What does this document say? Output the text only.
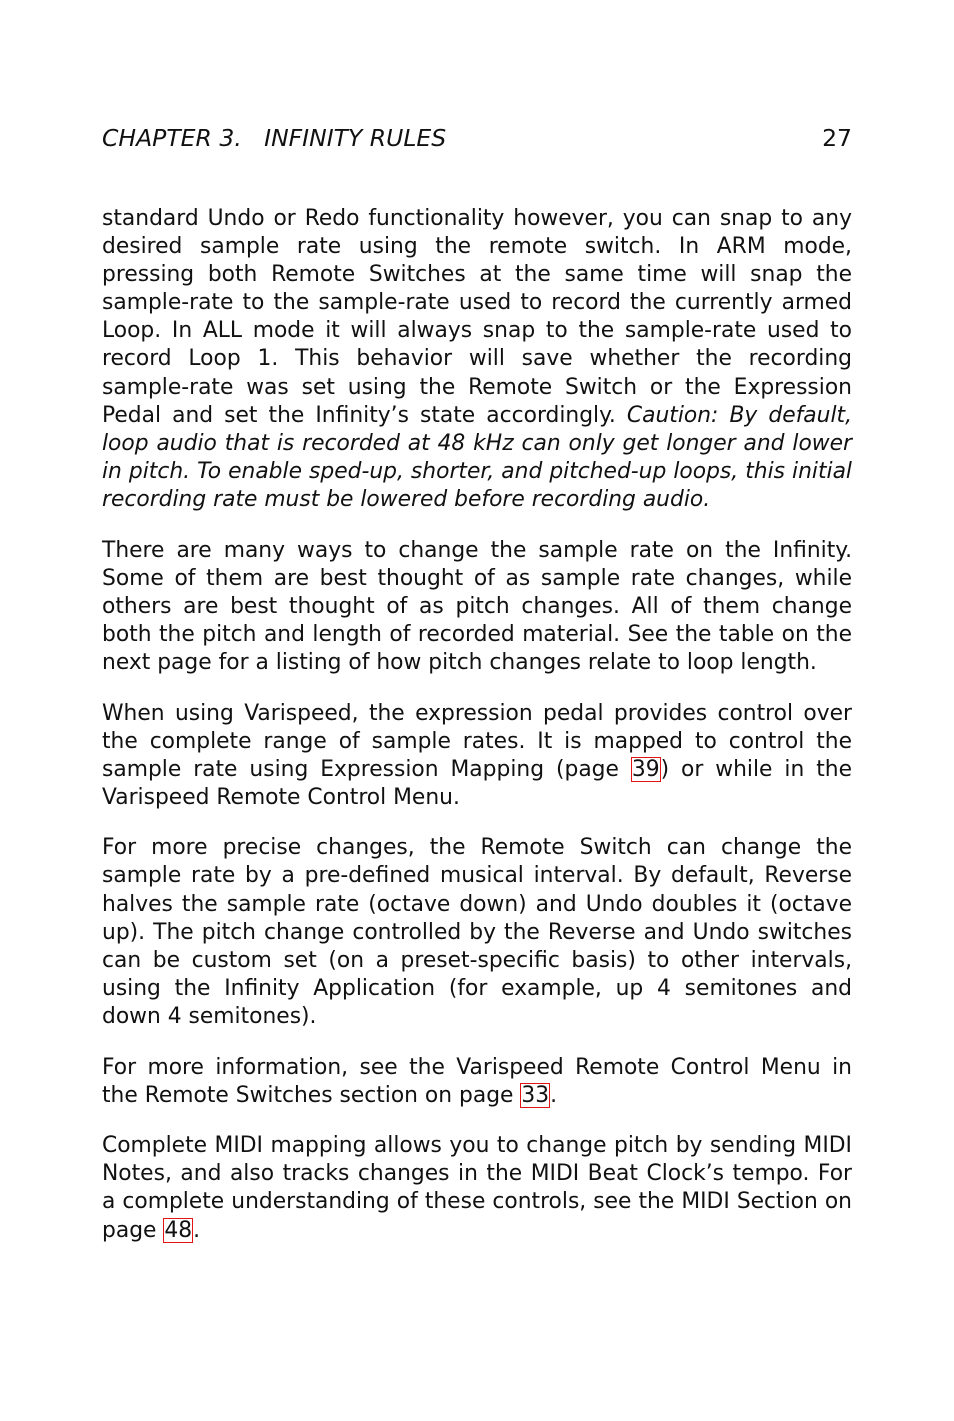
CHAPTER 3.   INFINITY RULES	27

standard Undo or Redo functionality however, you can snap to any desired sample rate using the remote switch. In ARM mode, pressing both Remote Switches at the same time will snap the sample-rate to the sample-rate used to record the currently armed Loop. In ALL mode it will always snap to the sample-rate used to record Loop 1. This behavior will save whether the recording sample-rate was set using the Remote Switch or the Expression Pedal and set the Infinity’s state accordingly. Caution: By default, loop audio that is recorded at 48 kHz can only get longer and lower in pitch. To enable sped-up, shorter, and pitched-up loops, this initial recording rate must be lowered before recording audio.

There are many ways to change the sample rate on the Infinity. Some of them are best thought of as sample rate changes, while others are best thought of as pitch changes. All of them change both the pitch and length of recorded material. See the table on the next page for a listing of how pitch changes relate to loop length.

When using Varispeed, the expression pedal provides control over the complete range of sample rates. It is mapped to control the sample rate using Expression Mapping (page 39) or while in the Varispeed Remote Control Menu.

For more precise changes, the Remote Switch can change the sample rate by a pre-defined musical interval. By default, Reverse halves the sample rate (octave down) and Undo doubles it (octave up). The pitch change controlled by the Reverse and Undo switches can be custom set (on a preset-specific basis) to other intervals, using the Infinity Application (for example, up 4 semitones and down 4 semitones).

For more information, see the Varispeed Remote Control Menu in the Remote Switches section on page 33.

Complete MIDI mapping allows you to change pitch by sending MIDI Notes, and also tracks changes in the MIDI Beat Clock’s tempo. For a complete understanding of these controls, see the MIDI Section on page 48.
